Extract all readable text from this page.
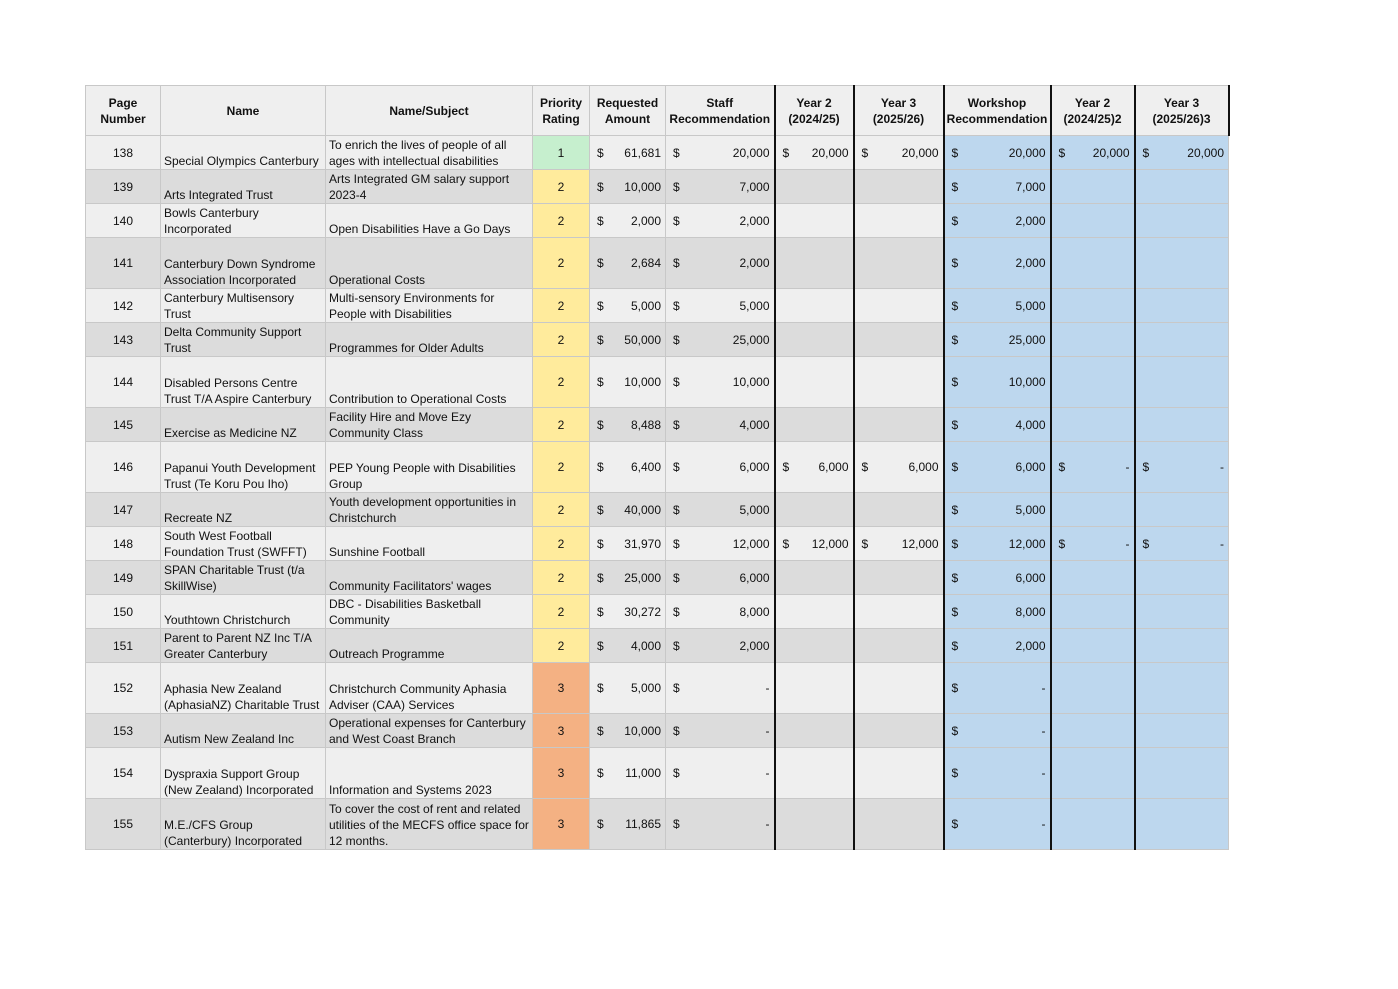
Page Number	Name	Name/Subject	Priority Rating	Requested Amount	Staff Recommendation	Year 2 (2024/25)	Year 3 (2025/26)	Workshop Recommendation	Year 2 (2024/25)2	Year 3 (2025/26)3
138	Special Olympics Canterbury	To enrich the lives of people of all ages with intellectual disabilities	1	$ 61,681	$ 20,000	$ 20,000	$ 20,000	$ 20,000	$ 20,000	$ 20,000

139	Arts Integrated Trust	Arts Integrated GM salary support 2023-4	2	$ 10,000	$ 7,000			$ 7,000		

140	Bowls Canterbury Incorporated	Open Disabilities Have a Go Days	2	$ 2,000	$ 2,000			$ 2,000		

141	Canterbury Down Syndrome Association Incorporated	Operational Costs	2	$ 2,684	$ 2,000			$ 2,000		

142	Canterbury Multisensory Trust	Multi-sensory Environments for People with Disabilities	2	$ 5,000	$ 5,000			$ 5,000		

143	Delta Community Support Trust	Programmes for Older Adults	2	$ 50,000	$ 25,000			$ 25,000		

144	Disabled Persons Centre Trust T/A Aspire Canterbury	Contribution to Operational Costs	2	$ 10,000	$ 10,000			$ 10,000		

145	Exercise as Medicine NZ	Facility Hire and Move Ezy Community Class	2	$ 8,488	$ 4,000			$ 4,000		

146	Papanui Youth Development Trust (Te Koru Pou Iho)	PEP Young People with Disabilities Group	2	$ 6,400	$ 6,000	$ 6,000	$ 6,000	$ 6,000	$ -	$ -

147	Recreate NZ	Youth development opportunities in Christchurch	2	$ 40,000	$ 5,000			$ 5,000		

148	South West Football Foundation Trust (SWFFT)	Sunshine Football	2	$ 31,970	$ 12,000	$ 12,000	$ 12,000	$ 12,000	$ -	$ -

149	SPAN Charitable Trust (t/a SkillWise)	Community Facilitators' wages	2	$ 25,000	$ 6,000			$ 6,000		

150	Youthtown Christchurch	DBC - Disabilities Basketball Community	2	$ 30,272	$ 8,000			$ 8,000		

151	Parent to Parent NZ Inc T/A Greater Canterbury	Outreach Programme	2	$ 4,000	$ 2,000			$ 2,000		

152	Aphasia New Zealand (AphasiaNZ) Charitable Trust	Christchurch Community Aphasia Adviser (CAA) Services	3	$ 5,000	$ -			$ -		

153	Autism New Zealand Inc	Operational expenses for Canterbury and West Coast Branch	3	$ 10,000	$ -			$ -		

154	Dyspraxia Support Group (New Zealand) Incorporated	Information and Systems 2023	3	$ 11,000	$ -			$ -		

155	M.E./CFS Group (Canterbury) Incorporated	To cover the cost of rent and related utilities of the MECFS office space for 12 months.	3	$ 11,865	$ -			$ -		
